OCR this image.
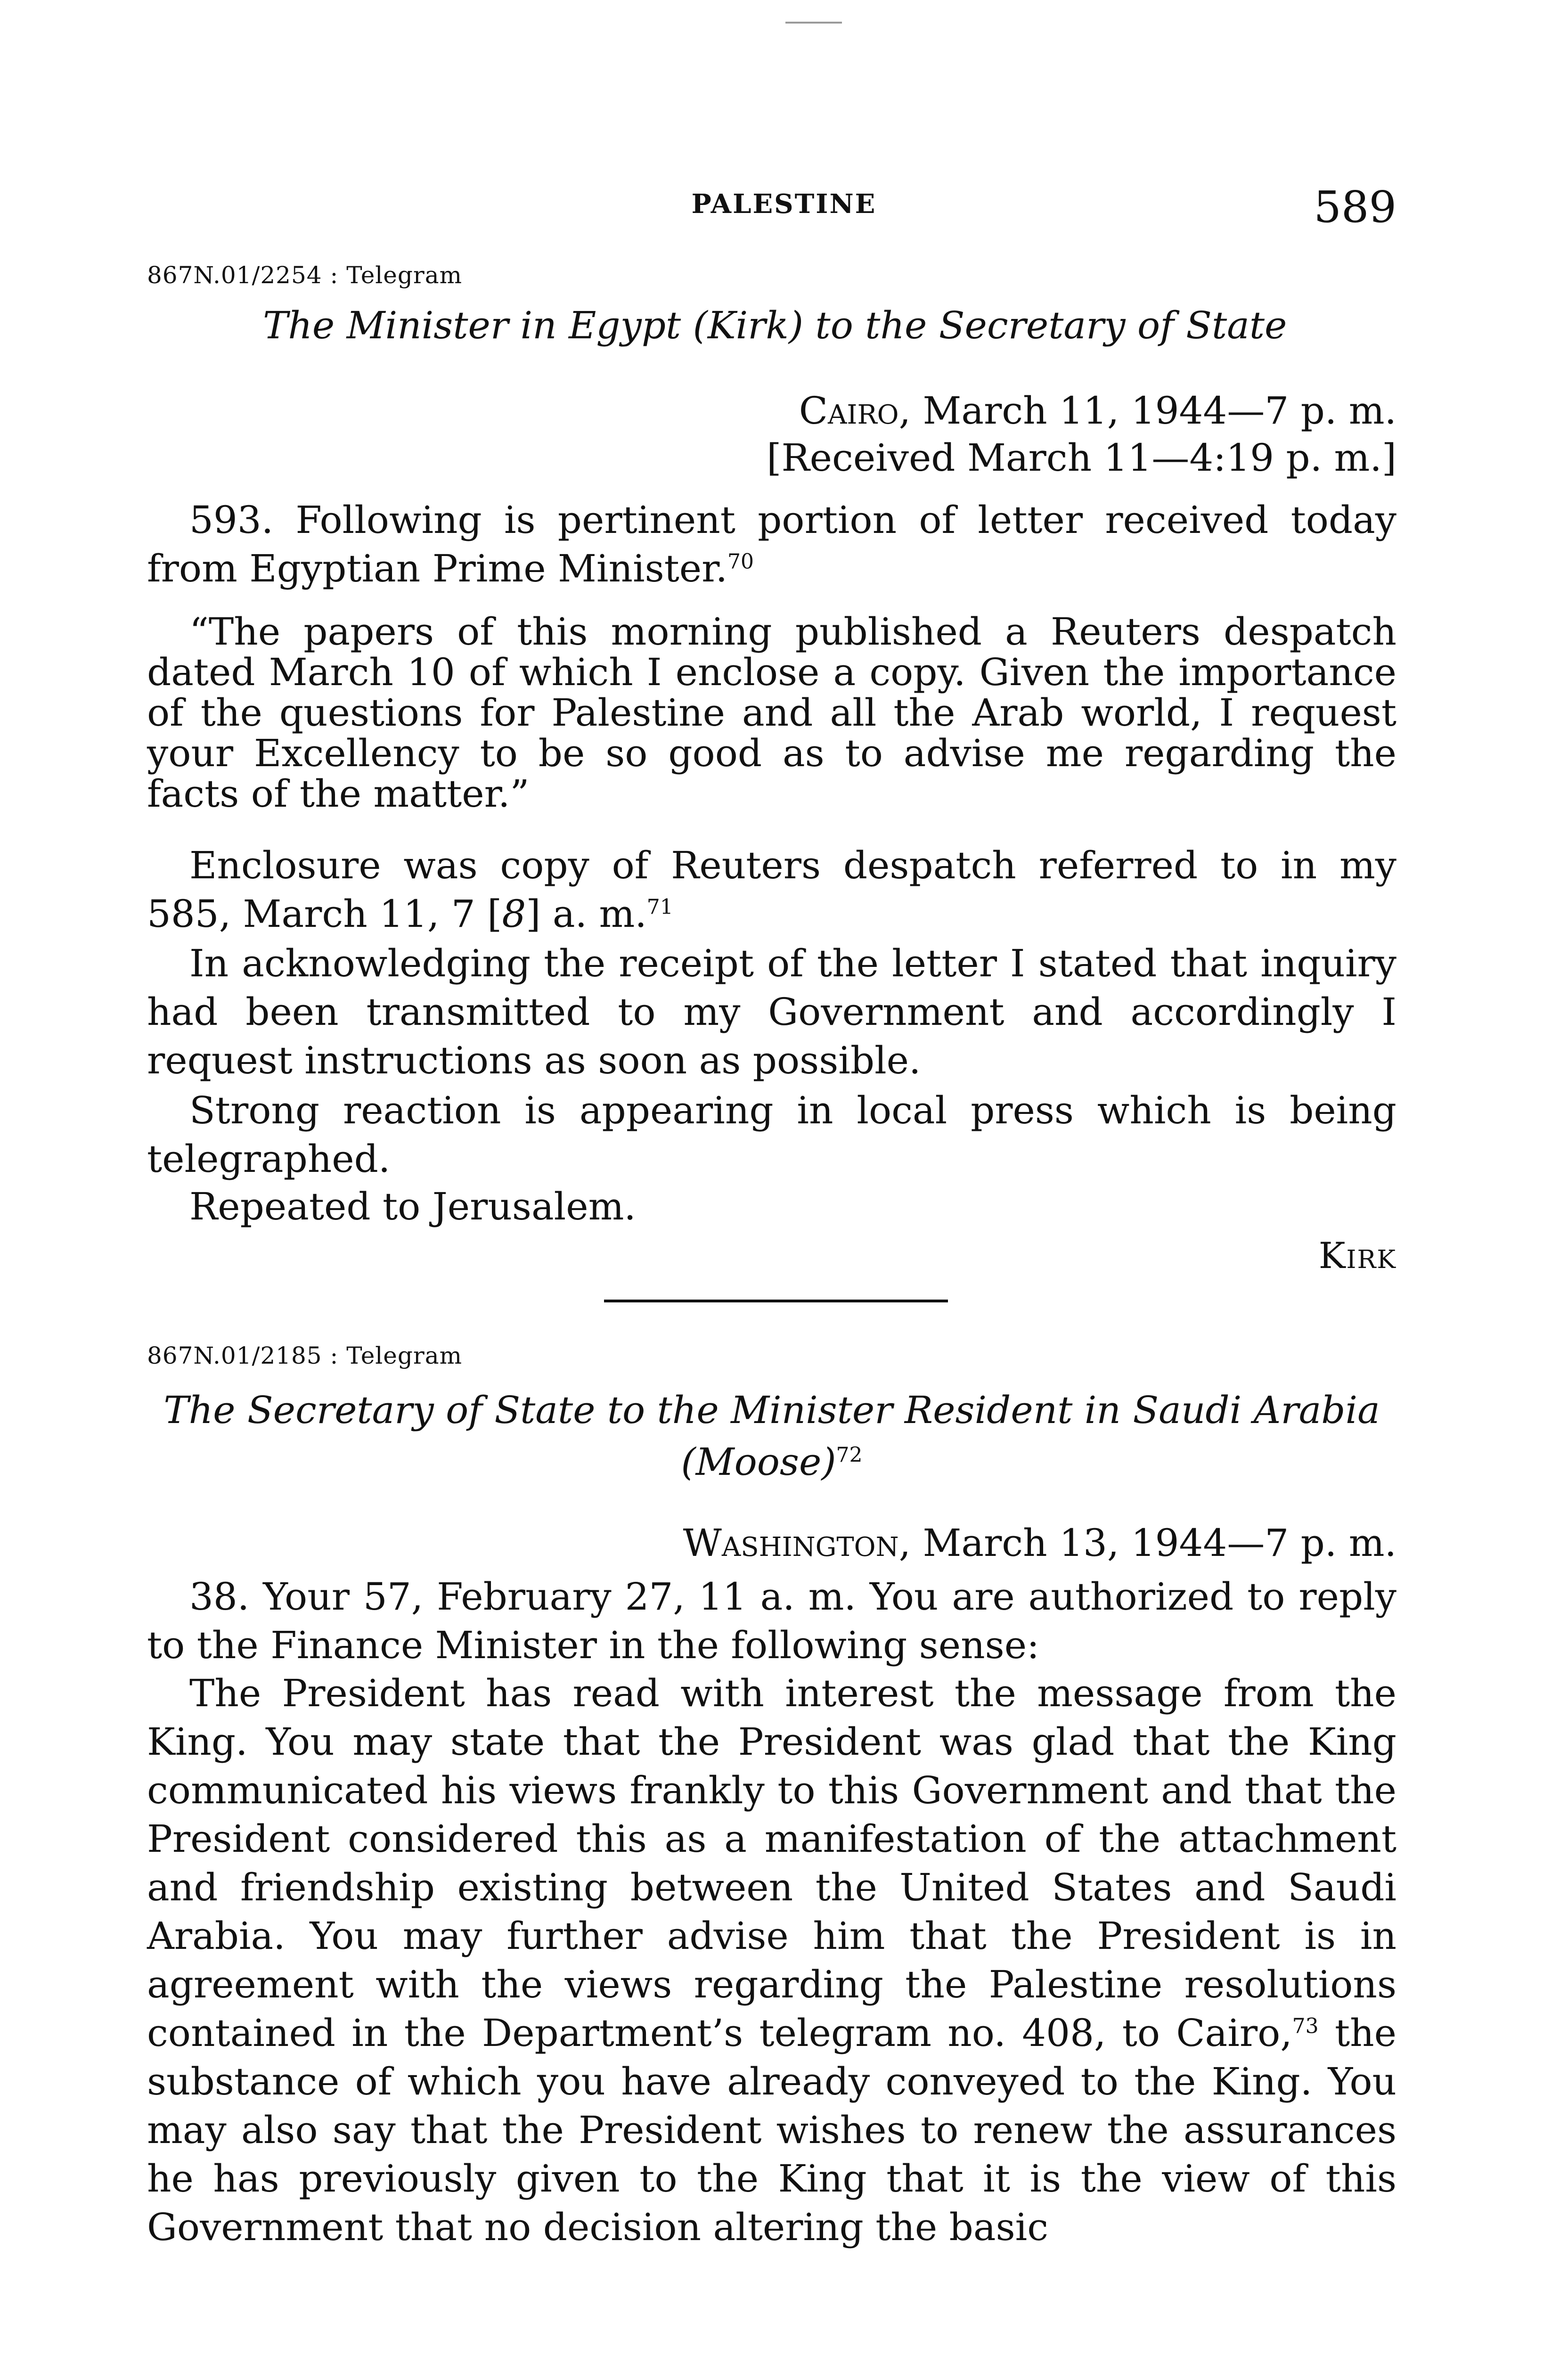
PALESTINE	589
867N.01/2254 : Telegram
The Minister in Egypt (Kirk) to the Secretary of State
Cairo, March 11, 1944—7 p. m.
[Received March 11—4:19 p. m.]
593. Following is pertinent portion of letter received today from Egyptian Prime Minister.$^{70}$
“The papers of this morning published a Reuters despatch dated March 10 of which I enclose a copy. Given the importance of the questions for Palestine and all the Arab world, I request your Excellency to be so good as to advise me regarding the facts of the matter.”
Enclosure was copy of Reuters despatch referred to in my 585, March 11, 7 [8] a. m.$^{71}$
In acknowledging the receipt of the letter I stated that inquiry had been transmitted to my Government and accordingly I request instructions as soon as possible.
Strong reaction is appearing in local press which is being telegraphed.
Repeated to Jerusalem.
Kirk
867N.01/2185 : Telegram
The Secretary of State to the Minister Resident in Saudi Arabia
(Moose)$^{72}$
Washington, March 13, 1944—7 p. m.
38. Your 57, February 27, 11 a. m. You are authorized to reply to the Finance Minister in the following sense:
The President has read with interest the message from the King. You may state that the President was glad that the King communicated his views frankly to this Government and that the President considered this as a manifestation of the attachment and friendship existing between the United States and Saudi Arabia. You may further advise him that the President is in agreement with the views regarding the Palestine resolutions contained in the Department’s telegram no. 408, to Cairo,$^{73}$ the substance of which you have already conveyed to the King. You may also say that the President wishes to renew the assurances he has previously given to the King that it is the view of this Government that no decision altering the basic
